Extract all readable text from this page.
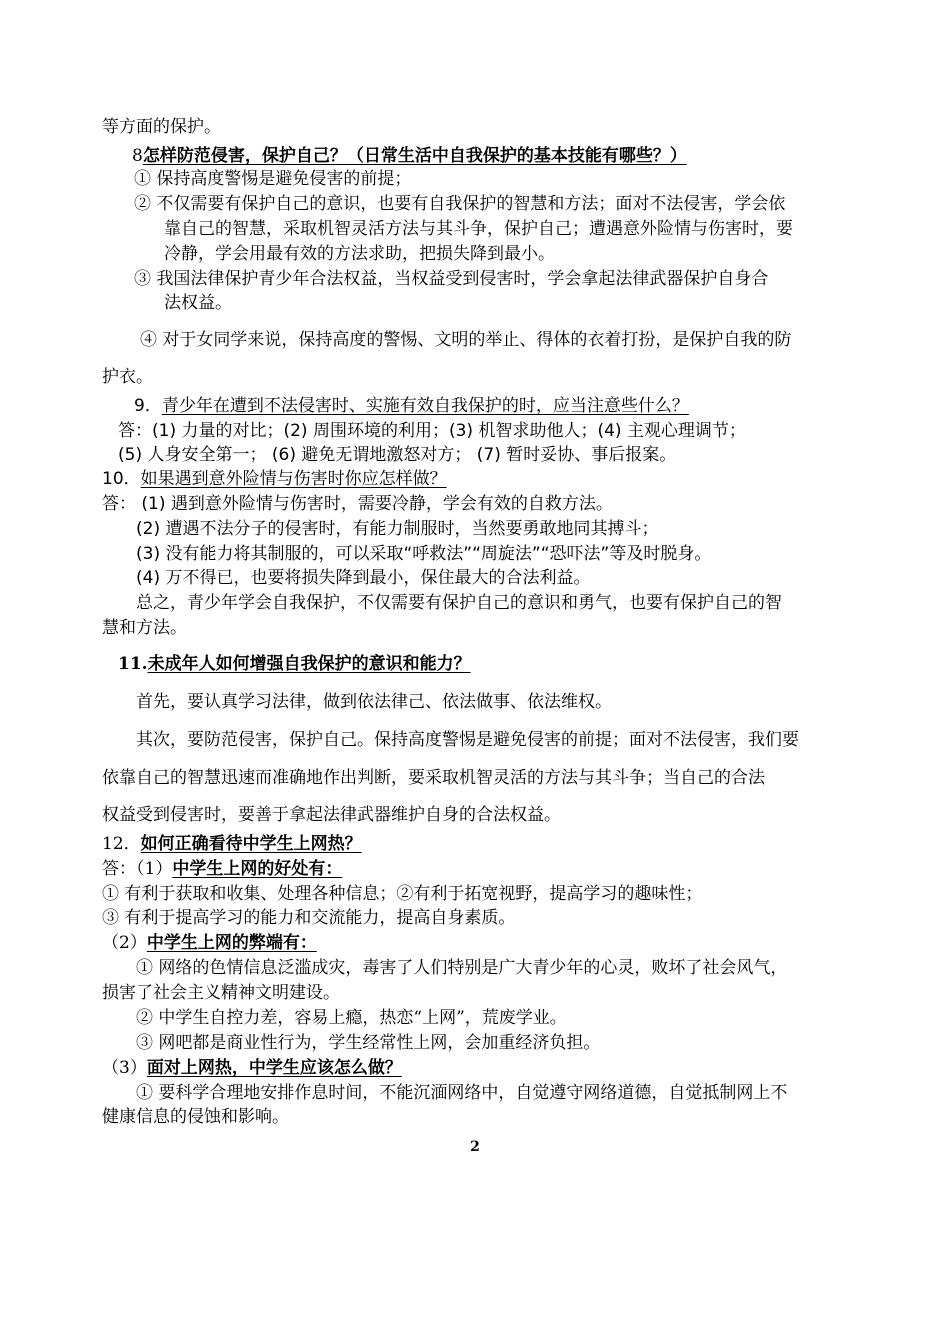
等方面的保护。
8怎样防范侵害，保护自己？（日常生活中自我保护的基本技能有哪些？）
① 保持高度警惕是避免侵害的前提；
② 不仅需要有保护自己的意识，也要有自我保护的智慧和方法；面对不法侵害，学会依
靠自己的智慧，采取机智灵活方法与其斗争，保护自己；遭遇意外险情与伤害时，要
冷静，学会用最有效的方法求助，把损失降到最小。
③ 我国法律保护青少年合法权益，当权益受到侵害时，学会拿起法律武器保护自身合
法权益。
④ 对于女同学来说，保持高度的警惕、文明的举止、得体的衣着打扮，是保护自我的防
护衣。
9．青少年在遭到不法侵害时、实施有效自我保护的时，应当注意些什么？
答：(1) 力量的对比；(2) 周围环境的利用；(3) 机智求助他人；(4) 主观心理调节；
(5) 人身安全第一； (6) 避免无谓地激怒对方； (7) 暂时妥协、事后报案。
10．如果遇到意外险情与伤害时你应怎样做？
答： (1) 遇到意外险情与伤害时，需要冷静，学会有效的自救方法。
(2) 遭遇不法分子的侵害时，有能力制服时，当然要勇敢地同其搏斗；
(3) 没有能力将其制服的，可以采取“呼救法”“周旋法”“恐吓法”等及时脱身。
(4) 万不得已，也要将损失降到最小，保住最大的合法利益。
总之，青少年学会自我保护，不仅需要有保护自己的意识和勇气，也要有保护自己的智
慧和方法。
11.未成年人如何增强自我保护的意识和能力？
首先，要认真学习法律，做到依法律己、依法做事、依法维权。
其次，要防范侵害，保护自己。保持高度警惕是避免侵害的前提；面对不法侵害，我们要
依靠自己的智慧迅速而准确地作出判断，要采取机智灵活的方法与其斗争；当自己的合法
权益受到侵害时，要善于拿起法律武器维护自身的合法权益。
12．如何正确看待中学生上网热？
答：（1）中学生上网的好处有：
① 有利于获取和收集、处理各种信息；②有利于拓宽视野，提高学习的趣味性；
③ 有利于提高学习的能力和交流能力，提高自身素质。
（2）中学生上网的弊端有：
① 网络的色情信息泛滥成灾，毒害了人们特别是广大青少年的心灵，败坏了社会风气，
损害了社会主义精神文明建设。
② 中学生自控力差，容易上瘾，热恋“上网”，荒废学业。
③ 网吧都是商业性行为，学生经常性上网，会加重经济负担。
（3）面对上网热，中学生应该怎么做？
① 要科学合理地安排作息时间，不能沉湎网络中，自觉遵守网络道德，自觉抵制网上不
健康信息的侵蚀和影响。
2
